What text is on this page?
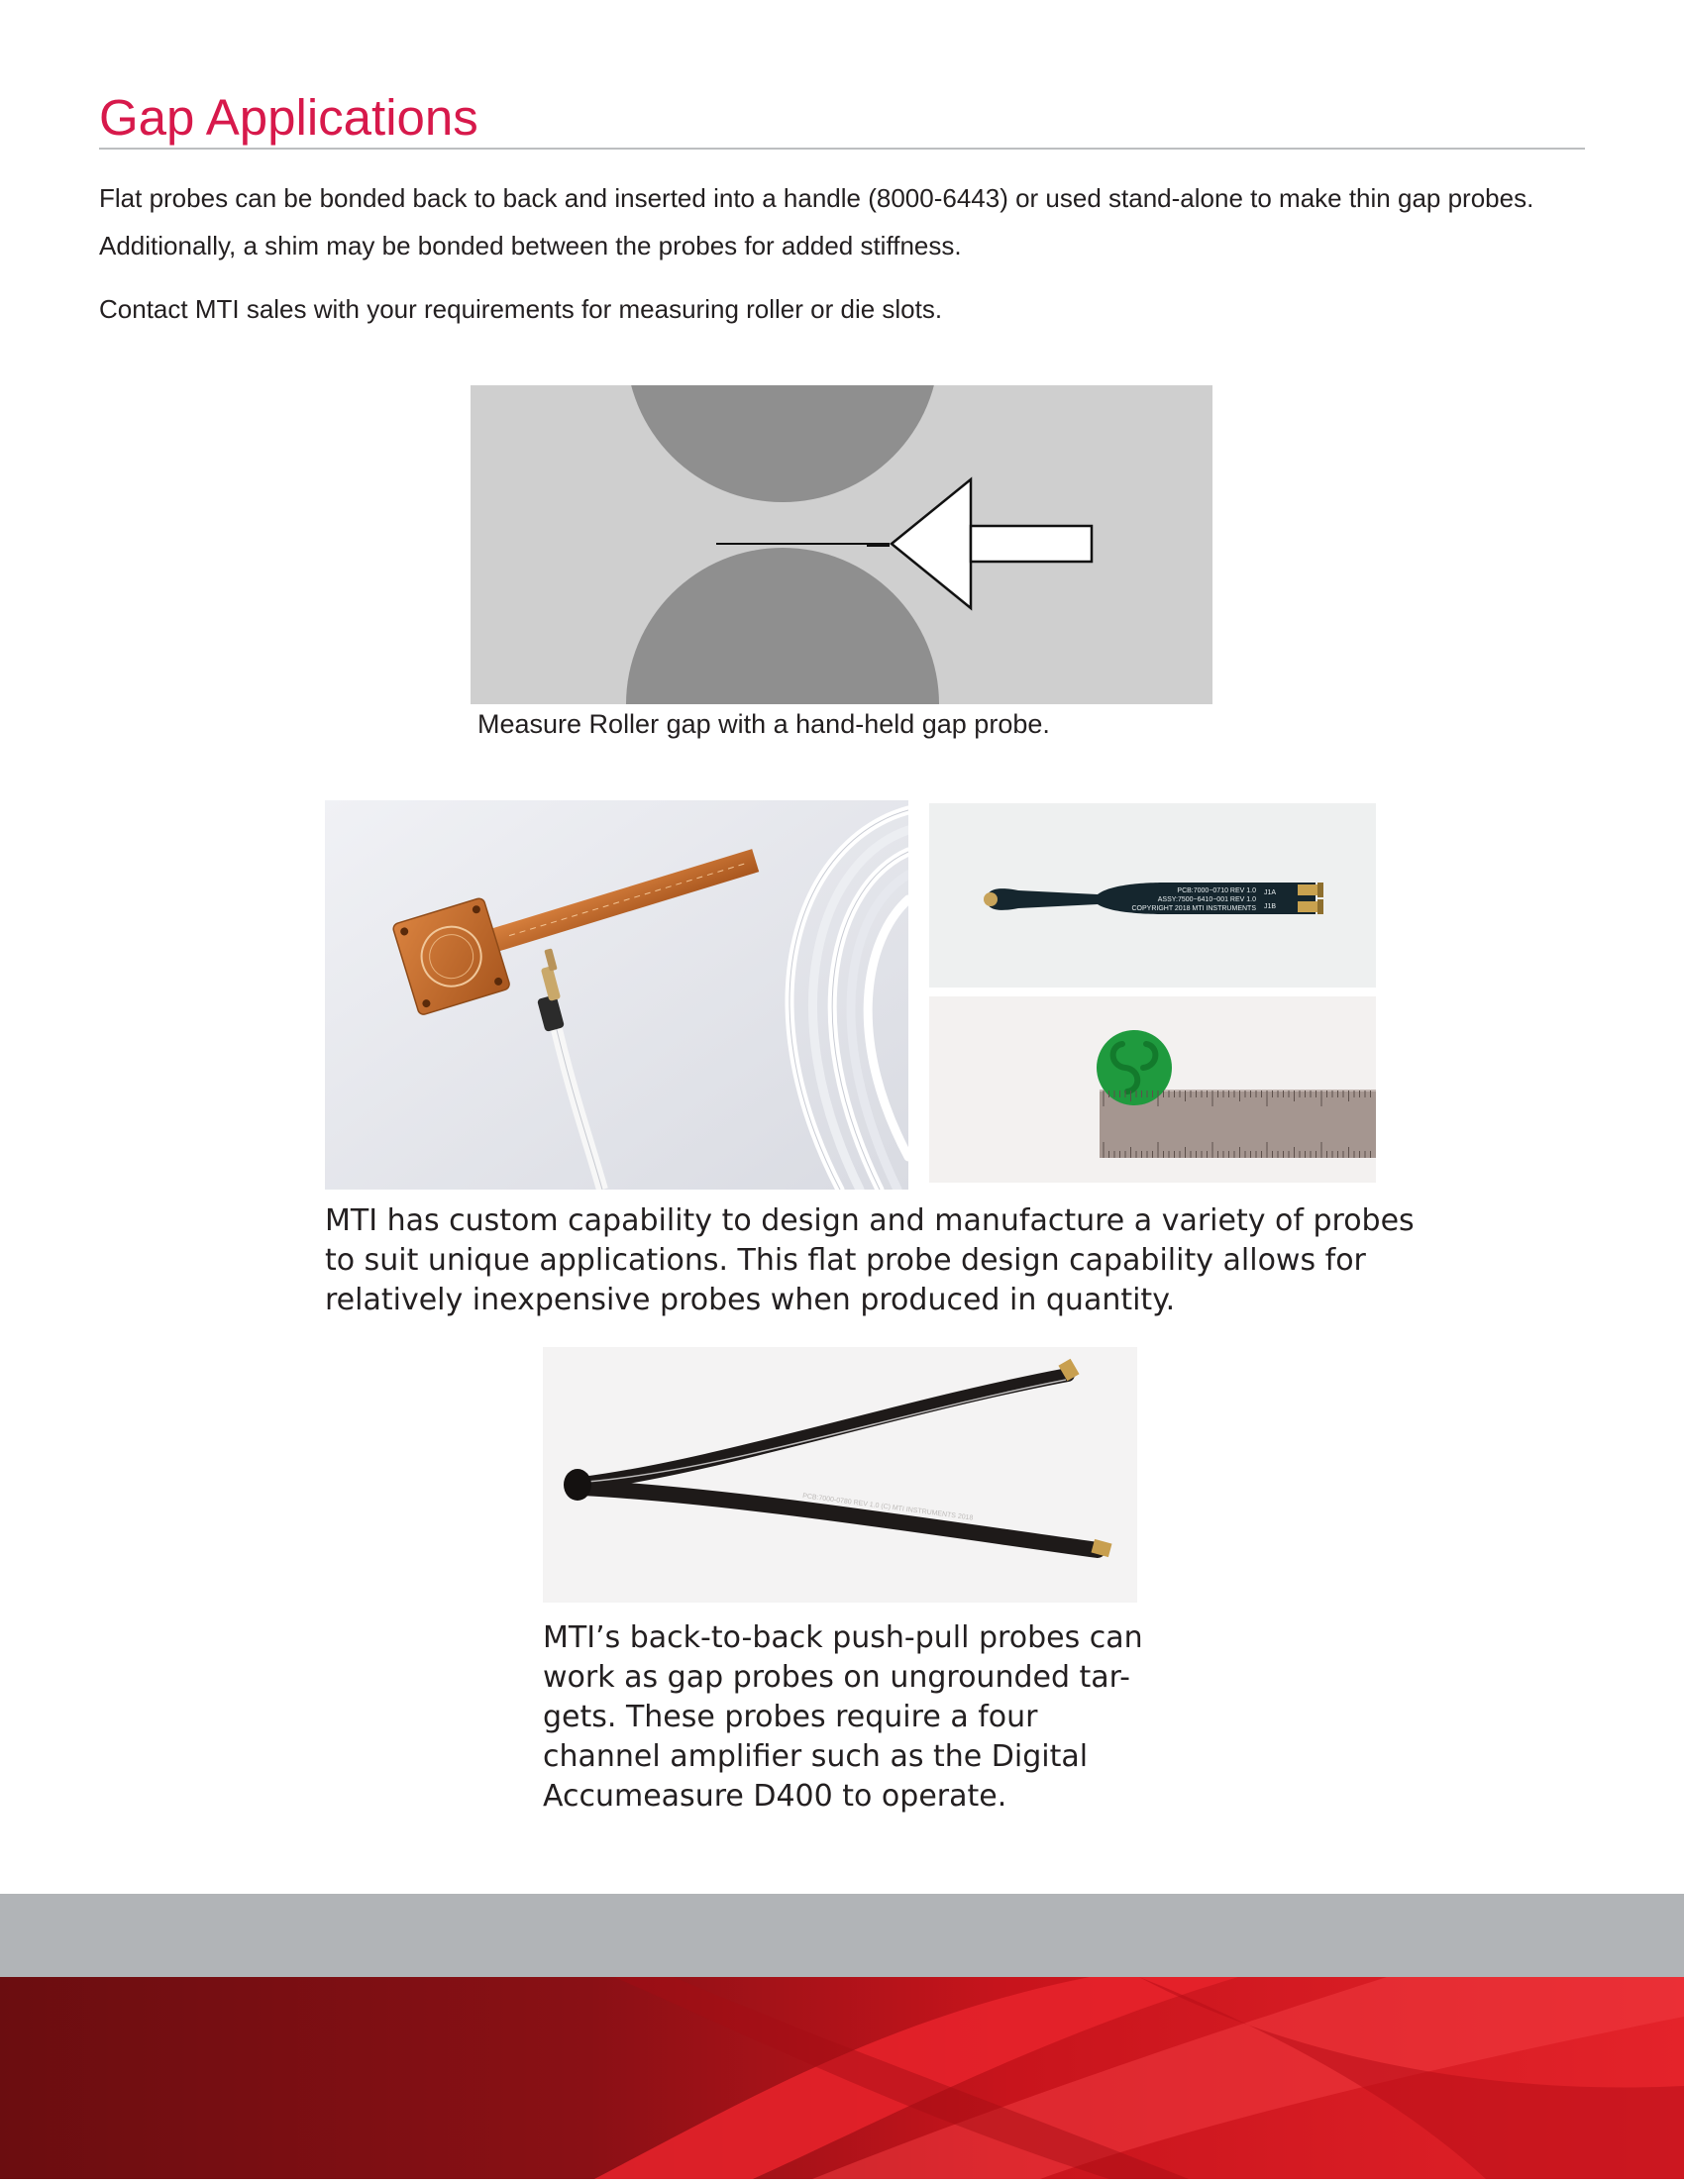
Gap Applications

Flat probes can be bonded back to back and inserted into a handle (8000-6443) or used stand-alone to make thin gap probes. Additionally, a shim may be bonded between the probes for added stiffness.

Contact MTI sales with your requirements for measuring roller or die slots.

Measure Roller gap with a hand-held gap probe.

PCB:7000−0710 REV 1.0
ASSY:7500−6410−001 REV 1.0
COPYRIGHT 2018 MTI INSTRUMENTS
J1A
J1B

MTI has custom capability to design and manufacture a variety of probes to suit unique applications. This flat probe design capability allows for relatively inexpensive probes when produced in quantity.

PCB:7000-0780 REV 1.0 (C) MTI INSTRUMENTS 2018

MTI’s back-to-back push-pull probes can work as gap probes on ungrounded tar-gets. These probes require a four channel amplifier such as the Digital Accumeasure D400 to operate.
